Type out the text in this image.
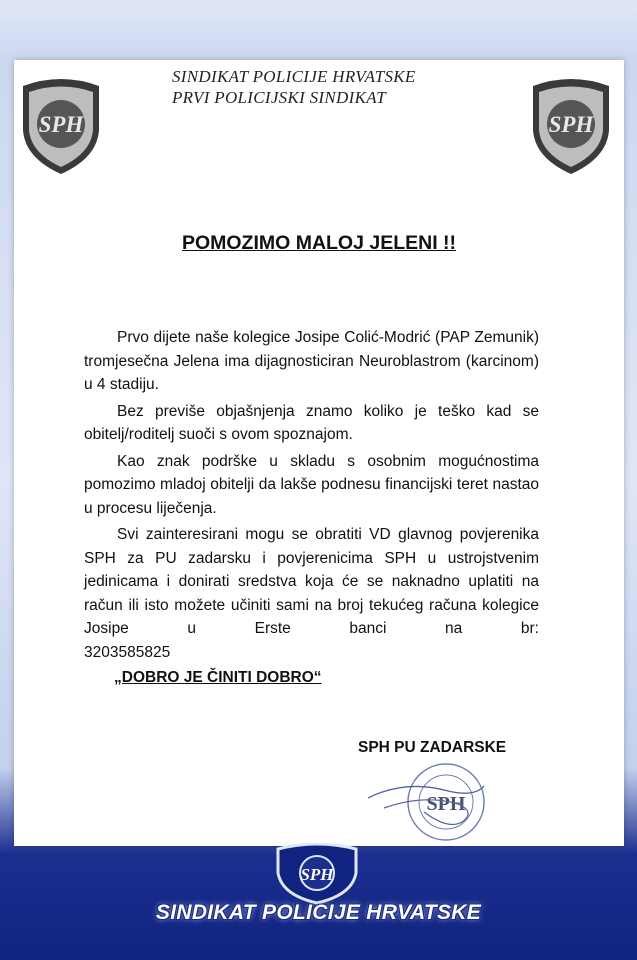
SPH
SINDIKAT POLICIJE HRVATSKE
PRVI POLICIJSKI SINDIKAT
SPH
POMOZIMO MALOJ JELENI !!

Prvo dijete naše kolegice Josipe Colić-Modrić (PAP Zemunik) tromjesečna Jelena ima dijagnosticiran Neuroblastrom (karcinom) u 4 stadiju.

Bez previše objašnjenja znamo koliko je teško kad se obitelj/roditelj suoči s ovom spoznajom.

Kao znak podrške u skladu s osobnim mogućnostima pomozimo mladoj obitelji da lakše podnesu financijski teret nastao u procesu liječenja.

Svi zainteresirani mogu se obratiti VD glavnog povjerenika SPH za PU zadarsku i povjerenicima SPH u ustrojstvenim jedinicama i donirati sredstva koja će se naknadno uplatiti na račun ili isto možete učiniti sami na broj tekućeg računa kolegice Josipe u Erste banci na br:

3203585825
„DOBRO JE ČINITI DOBRO“
SPH PU ZADARSKE
SPH
SPH
SINDIKAT POLICIJE HRVATSKE
